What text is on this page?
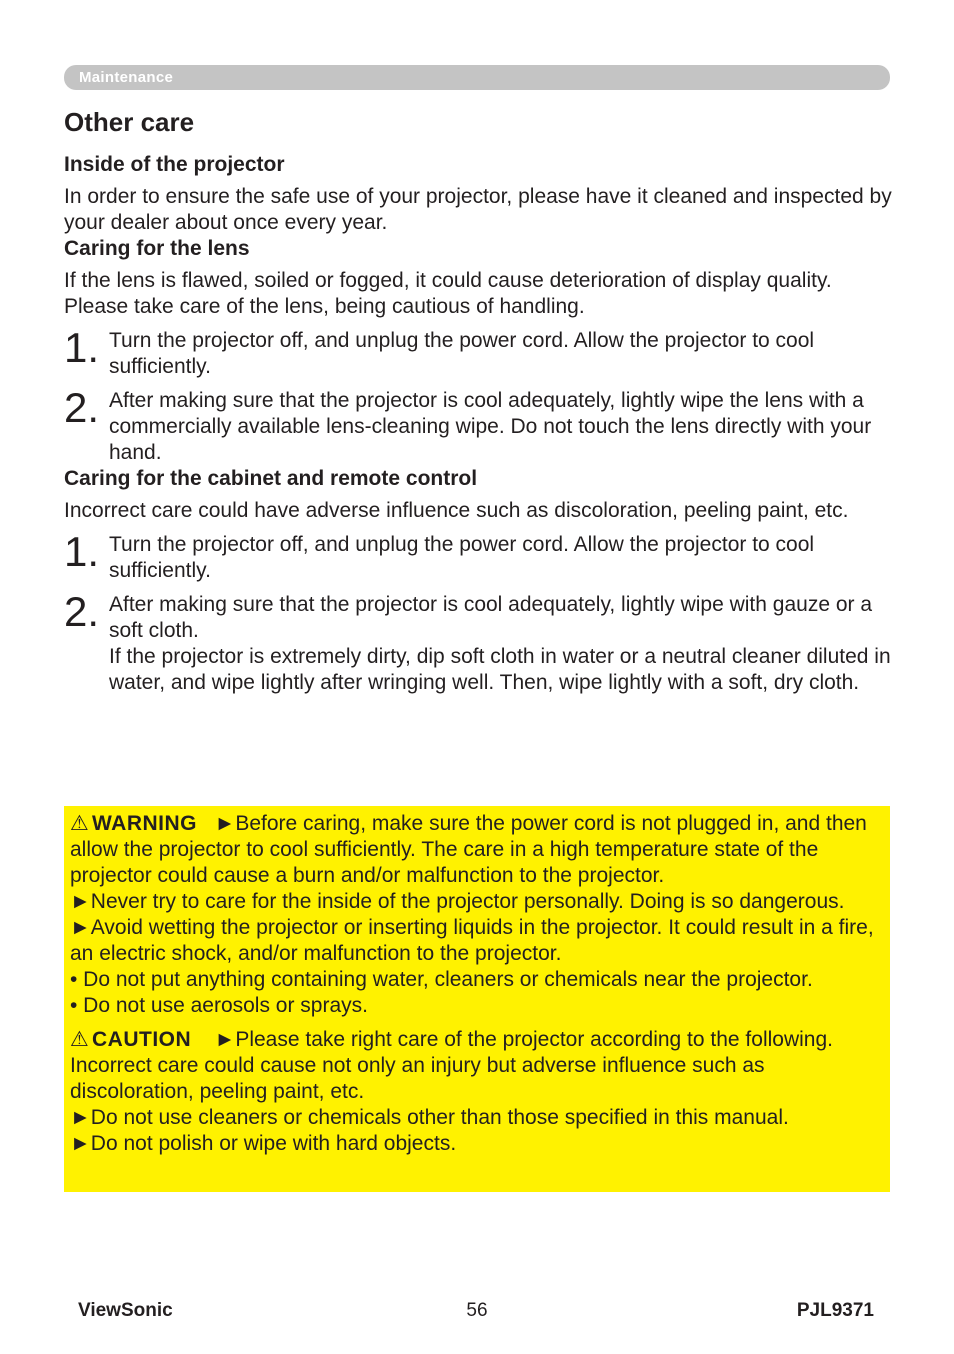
Maintenance
Other care
Inside of the projector

In order to ensure the safe use of your projector, please have it cleaned and inspected by your dealer about once every year.

Caring for the lens

If the lens is flawed, soiled or fogged, it could cause deterioration of display quality. Please take care of the lens, being cautious of handling.

1. Turn the projector off, and unplug the power cord. Allow the projector to cool sufficiently.
2. After making sure that the projector is cool adequately, lightly wipe the lens with a commercially available lens-cleaning wipe. Do not touch the lens directly with your hand.
Caring for the cabinet and remote control

Incorrect care could have adverse influence such as discoloration, peeling paint, etc.

1. Turn the projector off, and unplug the power cord. Allow the projector to cool sufficiently.
2. After making sure that the projector is cool adequately, lightly wipe with gauze or a soft cloth.
If the projector is extremely dirty, dip soft cloth in water or a neutral cleaner diluted in water, and wipe lightly after wringing well. Then, wipe lightly with a soft, dry cloth.

⚠ WARNING ►Before caring, make sure the power cord is not plugged in, and then allow the projector to cool sufficiently. The care in a high temperature state of the projector could cause a burn and/or malfunction to the projector.

►Never try to care for the inside of the projector personally. Doing is so dangerous.

►Avoid wetting the projector or inserting liquids in the projector. It could result in a fire, an electric shock, and/or malfunction to the projector.

• Do not put anything containing water, cleaners or chemicals near the projector.

• Do not use aerosols or sprays.

⚠ CAUTION ►Please take right care of the projector according to the following. Incorrect care could cause not only an injury but adverse influence such as discoloration, peeling paint, etc.

►Do not use cleaners or chemicals other than those specified in this manual.

►Do not polish or wipe with hard objects.

ViewSonic	56	PJL9371
